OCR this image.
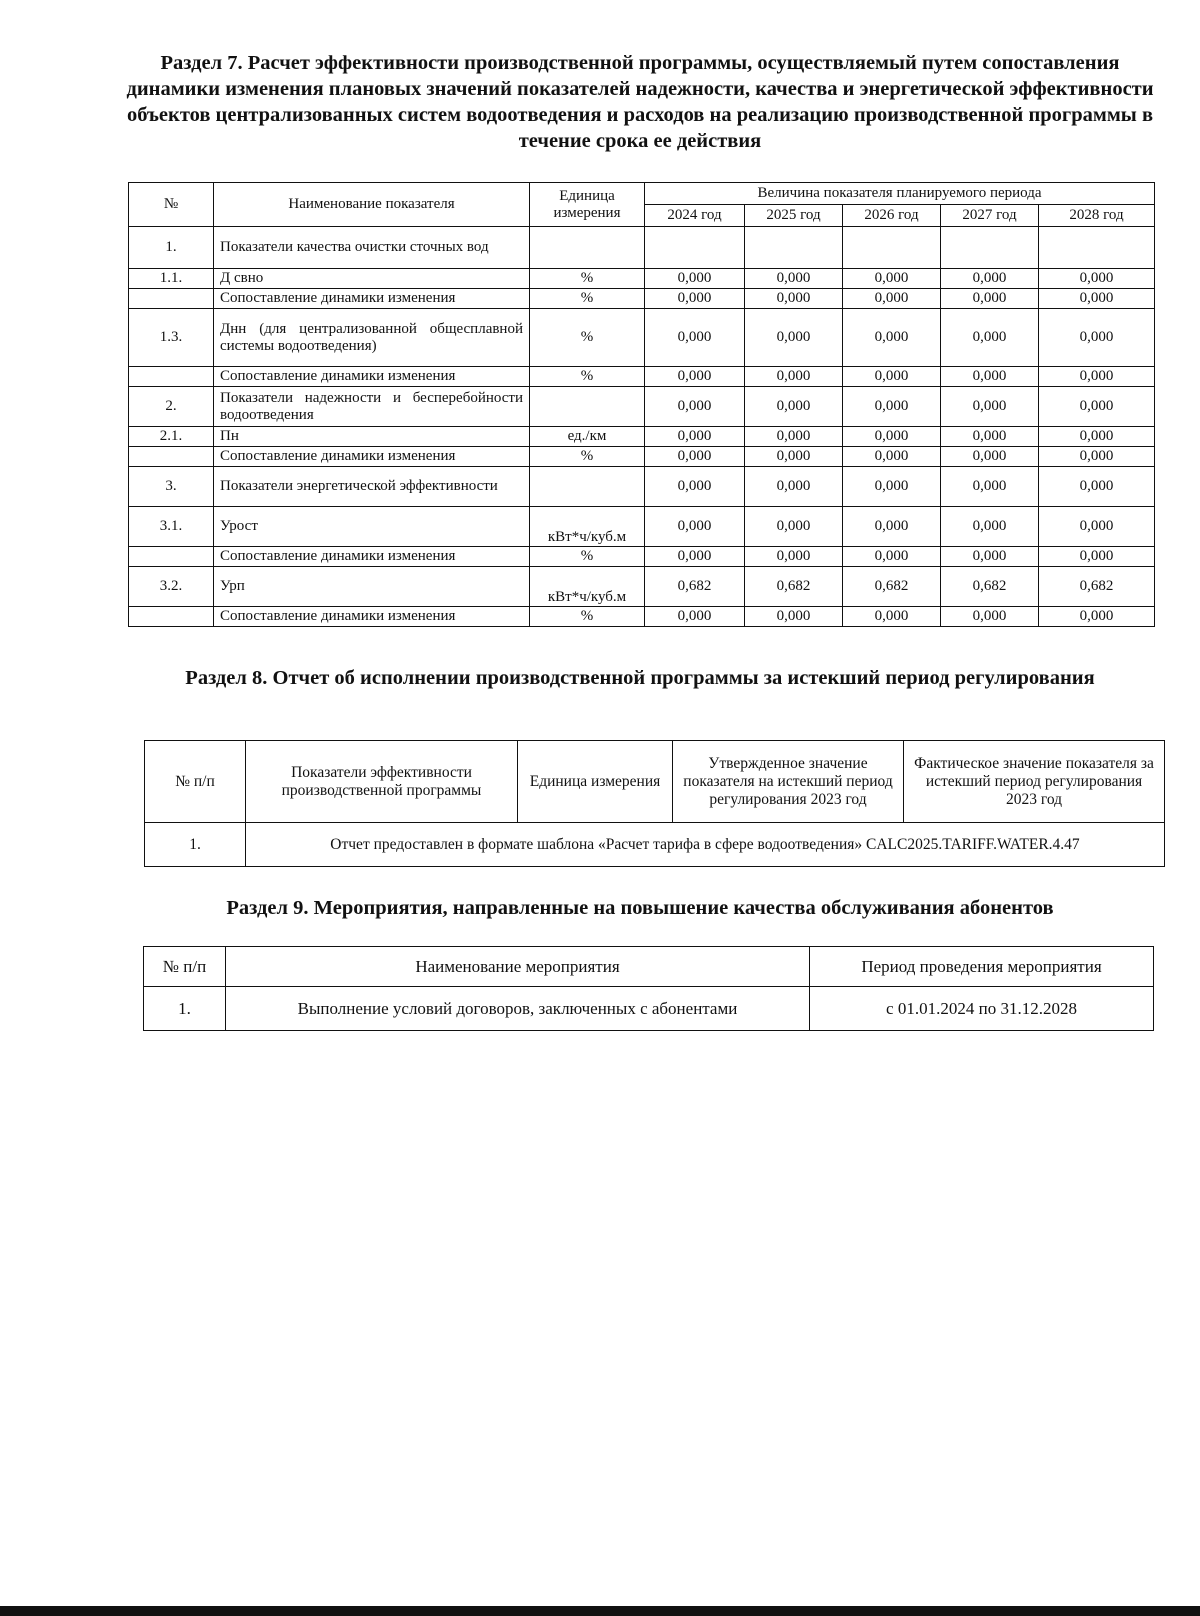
Раздел 7. Расчет эффективности производственной программы, осуществляемый путем сопоставления динамики изменения плановых значений показателей надежности, качества и энергетической эффективности объектов централизованных систем водоотведения и расходов на реализацию производственной программы в течение срока ее действия
№	Наименование показателя	Единица измерения	Величина показателя планируемого периода				
			2024 год	2025 год	2026 год	2027 год	2028 год
1.	Показатели качества очистки сточных вод						
1.1.	Д свно	%	0,000	0,000	0,000	0,000	0,000
	Сопоставление динамики изменения	%	0,000	0,000	0,000	0,000	0,000
1.3.	Днн (для централизованной общесплавной системы водоотведения)	%	0,000	0,000	0,000	0,000	0,000
	Сопоставление динамики изменения	%	0,000	0,000	0,000	0,000	0,000
2.	Показатели надежности и бесперебойности водоотведения		0,000	0,000	0,000	0,000	0,000
2.1.	Пн	ед./км	0,000	0,000	0,000	0,000	0,000
	Сопоставление динамики изменения	%	0,000	0,000	0,000	0,000	0,000
3.	Показатели энергетической эффективности		0,000	0,000	0,000	0,000	0,000
3.1.	Урост	кВт*ч/куб.м	0,000	0,000	0,000	0,000	0,000
	Сопоставление динамики изменения	%	0,000	0,000	0,000	0,000	0,000
3.2.	Урп	кВт*ч/куб.м	0,682	0,682	0,682	0,682	0,682
	Сопоставление динамики изменения	%	0,000	0,000	0,000	0,000	0,000
Раздел 8. Отчет об исполнении производственной программы за истекший период регулирования
№ п/п	Показатели эффективности производственной программы	Единица измерения	Утвержденное значение показателя на истекший период регулирования 2023 год	Фактическое значение показателя за истекший период регулирования 2023 год
1.	Отчет предоставлен в формате шаблона «Расчет тарифа в сфере водоотведения» CALC2025.TARIFF.WATER.4.47			
Раздел 9. Мероприятия, направленные на повышение качества обслуживания абонентов
№ п/п	Наименование мероприятия	Период проведения мероприятия
1.	Выполнение условий договоров, заключенных с абонентами	с 01.01.2024 по 31.12.2028
